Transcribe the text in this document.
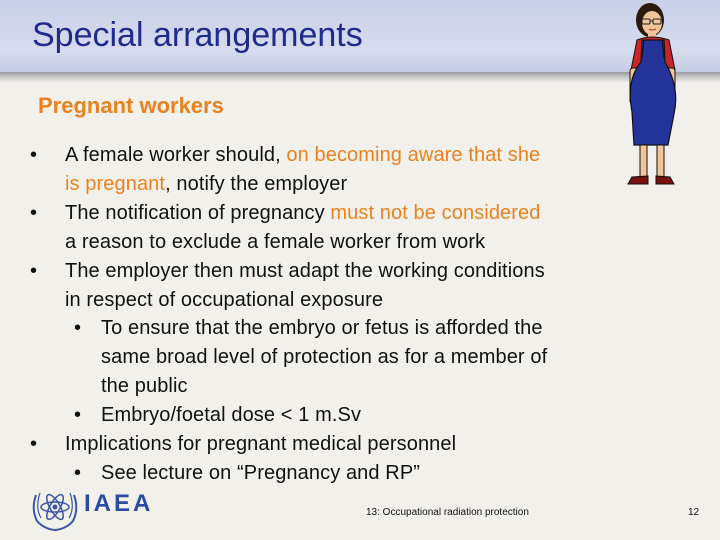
Special arrangements
Pregnant workers
• A female worker should, on becoming aware that she
is pregnant, notify the employer
• The notification of pregnancy must not be considered
a reason to exclude a female worker from work
• The employer then must adapt the working conditions
in respect of occupational exposure
• To ensure that the embryo or fetus is afforded the
same broad level of protection as for a member of
the public
• Embryo/foetal dose < 1 m.Sv
• Implications for pregnant medical personnel
• See lecture on “Pregnancy and RP”
IAEA	13: Occupational radiation protection	12
